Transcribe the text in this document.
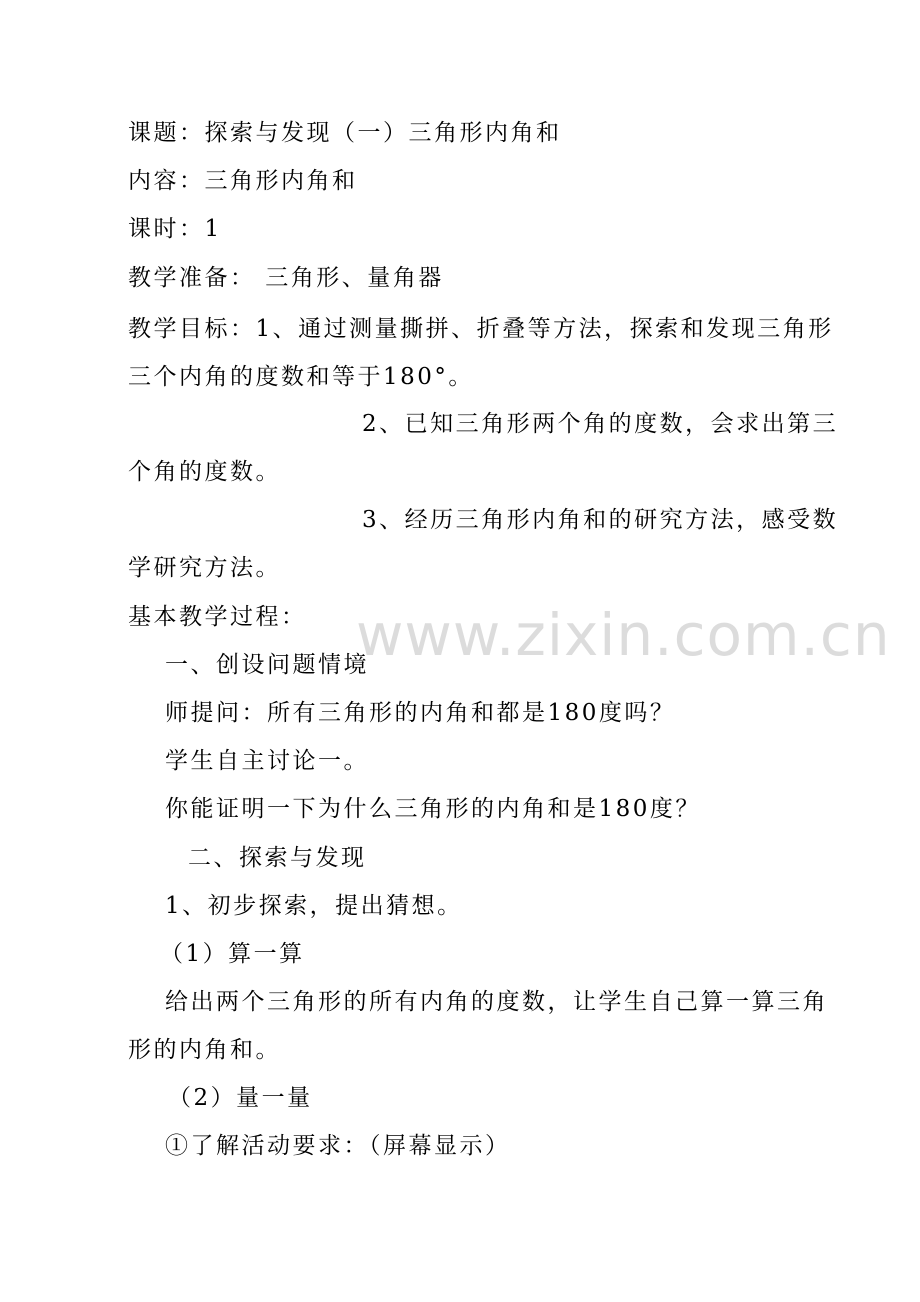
www.zixin.com.cn
课题：探索与发现（一）三角形内角和
内容：三角形内角和
课时：1
教学准备： 三角形、量角器
教学目标：1、通过测量撕拼、折叠等方法，探索和发现三角形
三个内角的度数和等于180°。
2、已知三角形两个角的度数，会求出第三
个角的度数。
3、经历三角形内角和的研究方法，感受数
学研究方法。
基本教学过程：
一、创设问题情境
师提问：所有三角形的内角和都是180度吗？
学生自主讨论一。
你能证明一下为什么三角形的内角和是180度？
二、探索与发现
1、初步探索，提出猜想。
（1）算一算
给出两个三角形的所有内角的度数，让学生自己算一算三角
形的内角和。
（2）量一量
①了解活动要求：（屏幕显示）
